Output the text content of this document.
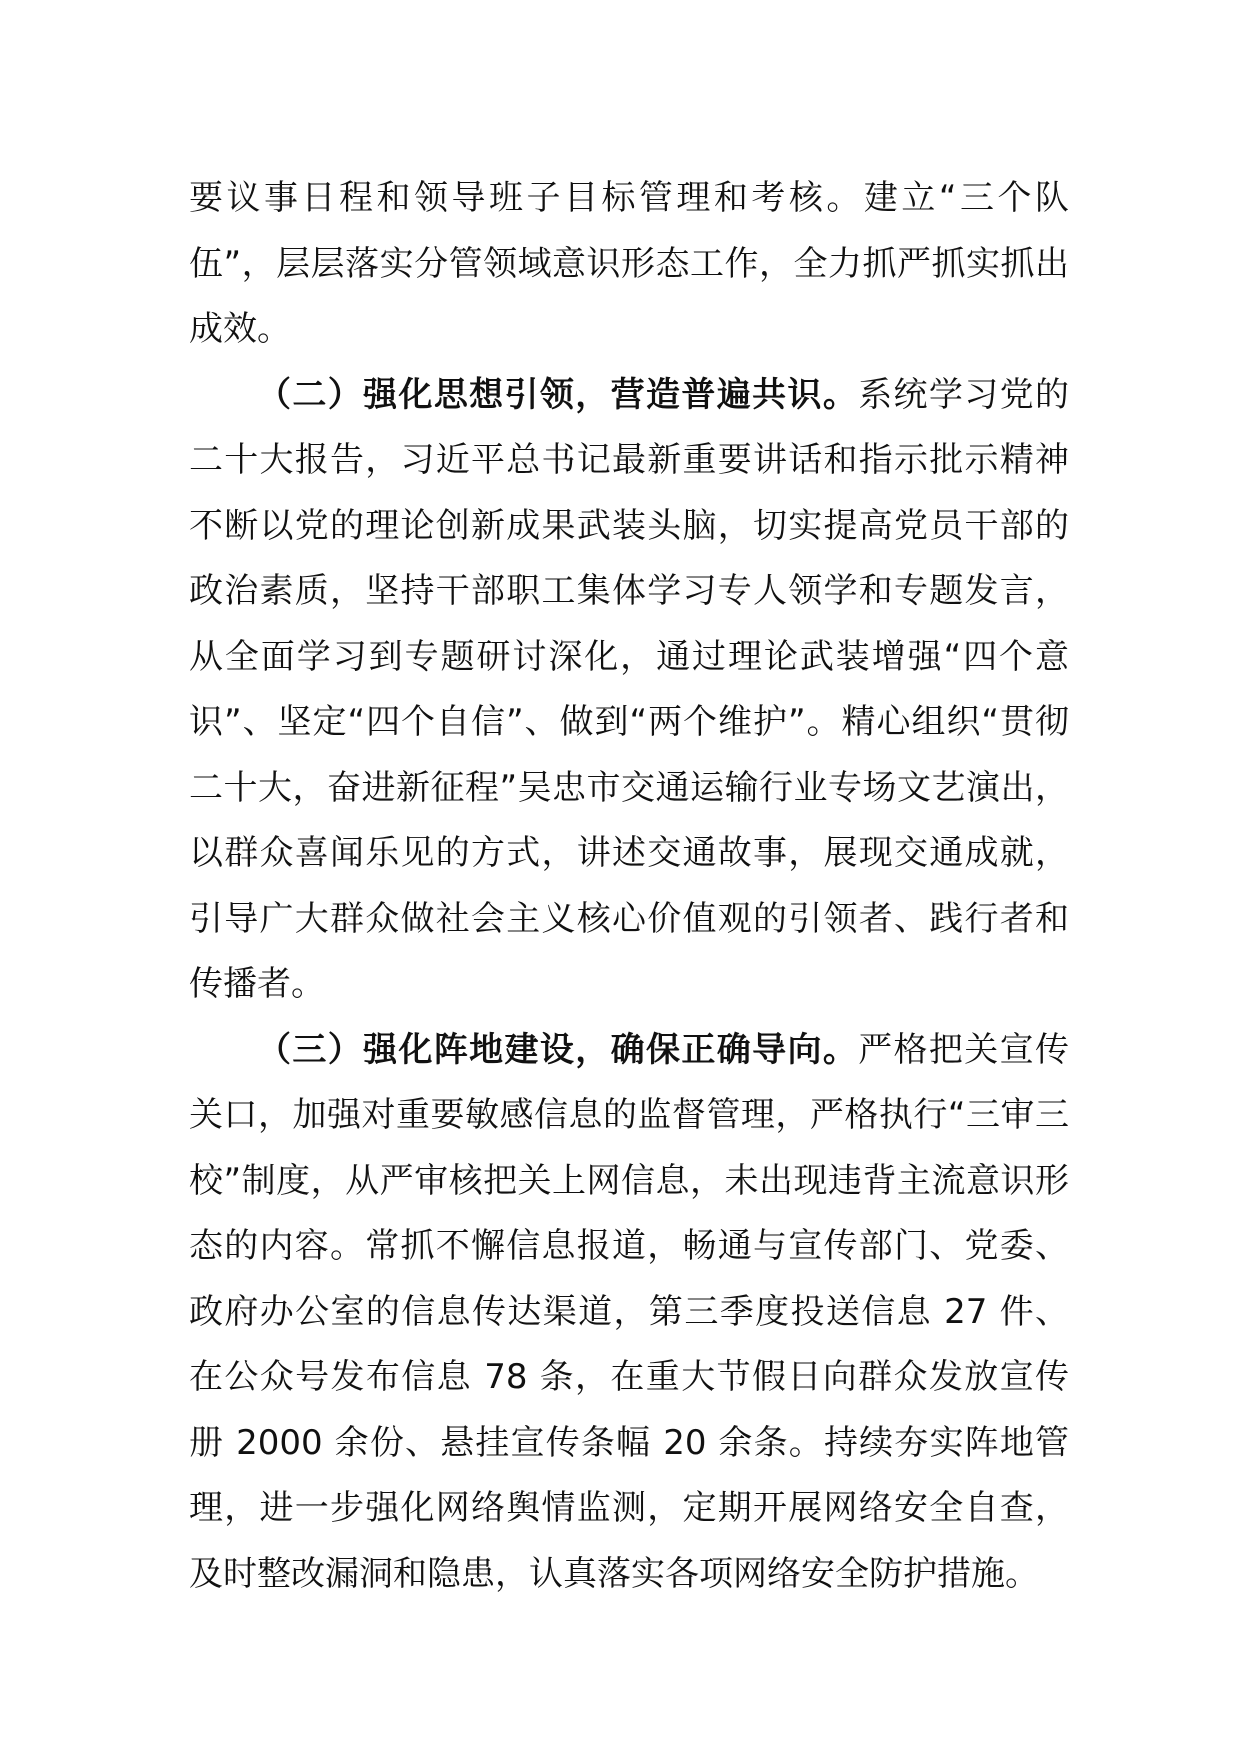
要议事日程和领导班子目标管理和考核。建立“三个队伍”，层层落实分管领域意识形态工作，全力抓严抓实抓出成效。

（二）强化思想引领，营造普遍共识。系统学习党的二十大报告，习近平总书记最新重要讲话和指示批示精神不断以党的理论创新成果武装头脑，切实提高党员干部的政治素质，坚持干部职工集体学习专人领学和专题发言，从全面学习到专题研讨深化，通过理论武装增强“四个意识”、坚定“四个自信”、做到“两个维护”。精心组织“贯彻二十大，奋进新征程”吴忠市交通运输行业专场文艺演出，以群众喜闻乐见的方式，讲述交通故事，展现交通成就，引导广大群众做社会主义核心价值观的引领者、践行者和传播者。

（三）强化阵地建设，确保正确导向。严格把关宣传关口，加强对重要敏感信息的监督管理，严格执行“三审三校”制度，从严审核把关上网信息，未出现违背主流意识形态的内容。常抓不懈信息报道，畅通与宣传部门、党委、政府办公室的信息传达渠道，第三季度投送信息 27 件、在公众号发布信息 78 条，在重大节假日向群众发放宣传册 2000 余份、悬挂宣传条幅 20 余条。持续夯实阵地管理，进一步强化网络舆情监测，定期开展网络安全自查，及时整改漏洞和隐患，认真落实各项网络安全防护措施。
